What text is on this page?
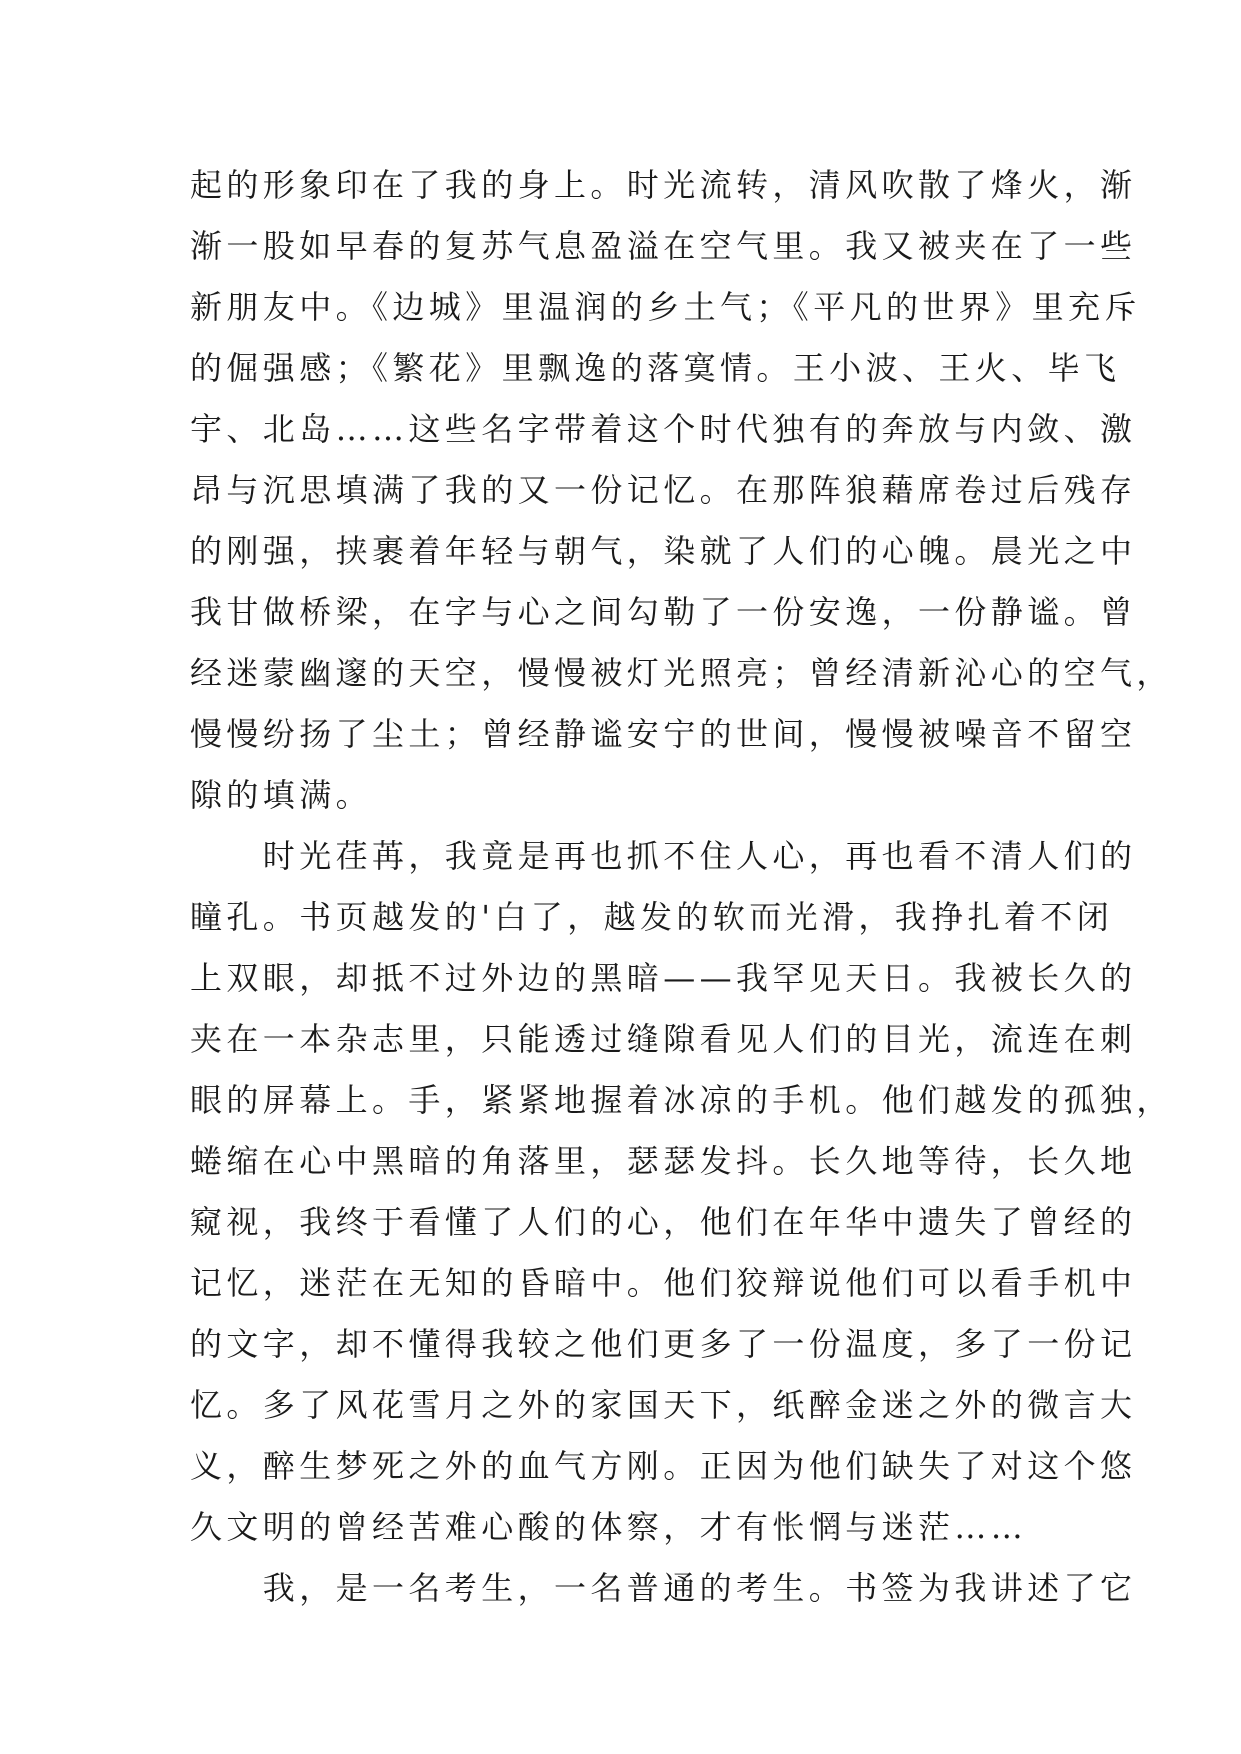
起的形象印在了我的身上。时光流转，清风吹散了烽火，渐
渐一股如早春的复苏气息盈溢在空气里。我又被夹在了一些
新朋友中。《边城》里温润的乡土气；《平凡的世界》里充斥
的倔强感；《繁花》里飘逸的落寞情。王小波、王火、毕飞
宇、北岛……这些名字带着这个时代独有的奔放与内敛、激
昂与沉思填满了我的又一份记忆。在那阵狼藉席卷过后残存
的刚强，挟裹着年轻与朝气，染就了人们的心魄。晨光之中
我甘做桥梁，在字与心之间勾勒了一份安逸，一份静谧。曾
经迷蒙幽邃的天空，慢慢被灯光照亮；曾经清新沁心的空气，
慢慢纷扬了尘土；曾经静谧安宁的世间，慢慢被噪音不留空
隙的填满。
　　时光荏苒，我竟是再也抓不住人心，再也看不清人们的
瞳孔。书页越发的'白了，越发的软而光滑，我挣扎着不闭
上双眼，却抵不过外边的黑暗——我罕见天日。我被长久的
夹在一本杂志里，只能透过缝隙看见人们的目光，流连在刺
眼的屏幕上。手，紧紧地握着冰凉的手机。他们越发的孤独，
蜷缩在心中黑暗的角落里，瑟瑟发抖。长久地等待，长久地
窥视，我终于看懂了人们的心，他们在年华中遗失了曾经的
记忆，迷茫在无知的昏暗中。他们狡辩说他们可以看手机中
的文字，却不懂得我较之他们更多了一份温度，多了一份记
忆。多了风花雪月之外的家国天下，纸醉金迷之外的微言大
义，醉生梦死之外的血气方刚。正因为他们缺失了对这个悠
久文明的曾经苦难心酸的体察，才有怅惘与迷茫……
　　我，是一名考生，一名普通的考生。书签为我讲述了它
